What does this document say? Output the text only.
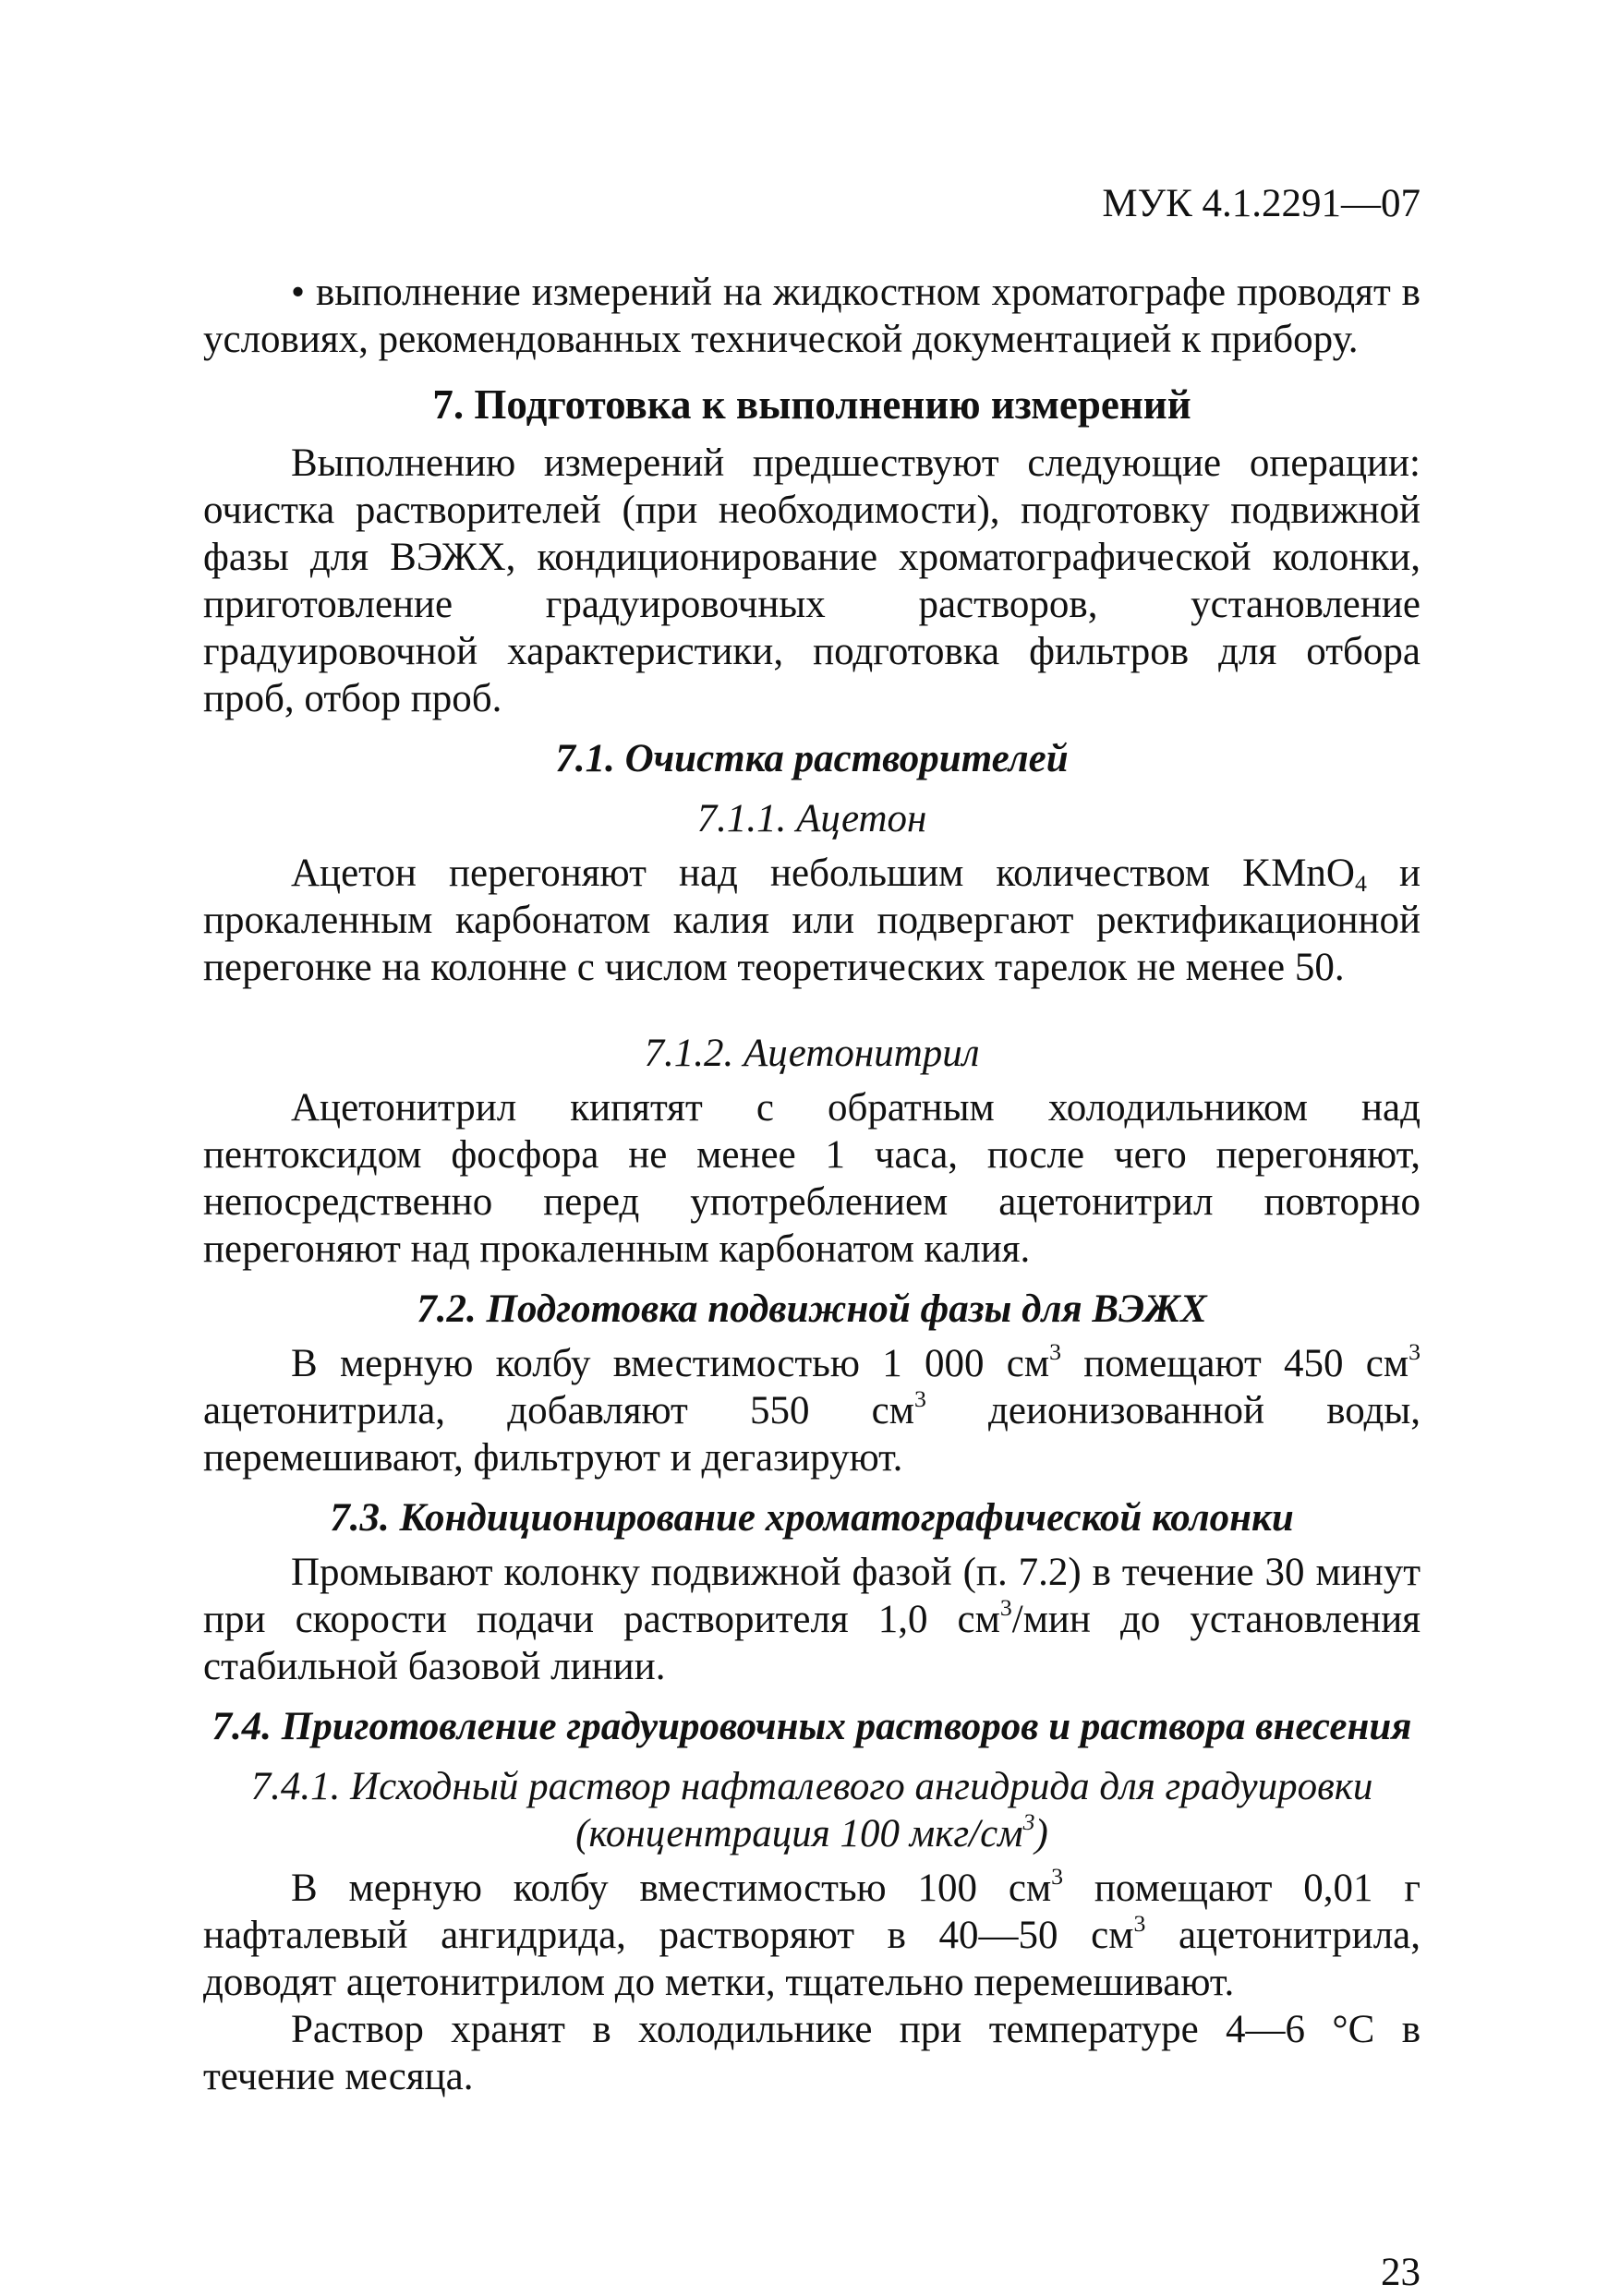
МУК 4.1.2291—07

• выполнение измерений на жидкостном хроматографе проводят в условиях, рекомендованных технической документацией к прибору.

7. Подготовка к выполнению измерений

Выполнению измерений предшествуют следующие операции: очистка растворителей (при необходимости), подготовку подвижной фазы для ВЭЖХ, кондиционирование хроматографической колонки, приготовление градуировочных растворов, установление градуировочной характеристики, подготовка фильтров для отбора проб, отбор проб.

7.1. Очистка растворителей
7.1.1. Ацетон

Ацетон перегоняют над небольшим количеством KMnO$_4$ и прокаленным карбонатом калия или подвергают ректификационной перегонке на колонне с числом теоретических тарелок не менее 50.

7.1.2. Ацетонитрил

Ацетонитрил кипятят с обратным холодильником над пентоксидом фосфора не менее 1 часа, после чего перегоняют, непосредственно перед употреблением ацетонитрил повторно перегоняют над прокаленным карбонатом калия.

7.2. Подготовка подвижной фазы для ВЭЖХ

В мерную колбу вместимостью 1 000 $см^3$ помещают 450 $см^3$ ацетонитрила, добавляют 550 $см^3$ деионизованной воды, перемешивают, фильтруют и дегазируют.

7.3. Кондиционирование хроматографической колонки

Промывают колонку подвижной фазой (п. 7.2) в течение 30 минут при скорости подачи растворителя 1,0 $см^3$/мин до установления стабильной базовой линии.

7.4. Приготовление градуировочных растворов и раствора внесения
7.4.1. Исходный раствор нафталевого ангидрида для градуировки
(концентрация 100 мкг/$см^3$)

В мерную колбу вместимостью 100 $см^3$ помещают 0,01 г нафталевый ангидрида, растворяют в 40—50 $см^3$ ацетонитрила, доводят ацетонитрилом до метки, тщательно перемешивают.

Раствор хранят в холодильнике при температуре 4—6 °С в течение месяца.

23
